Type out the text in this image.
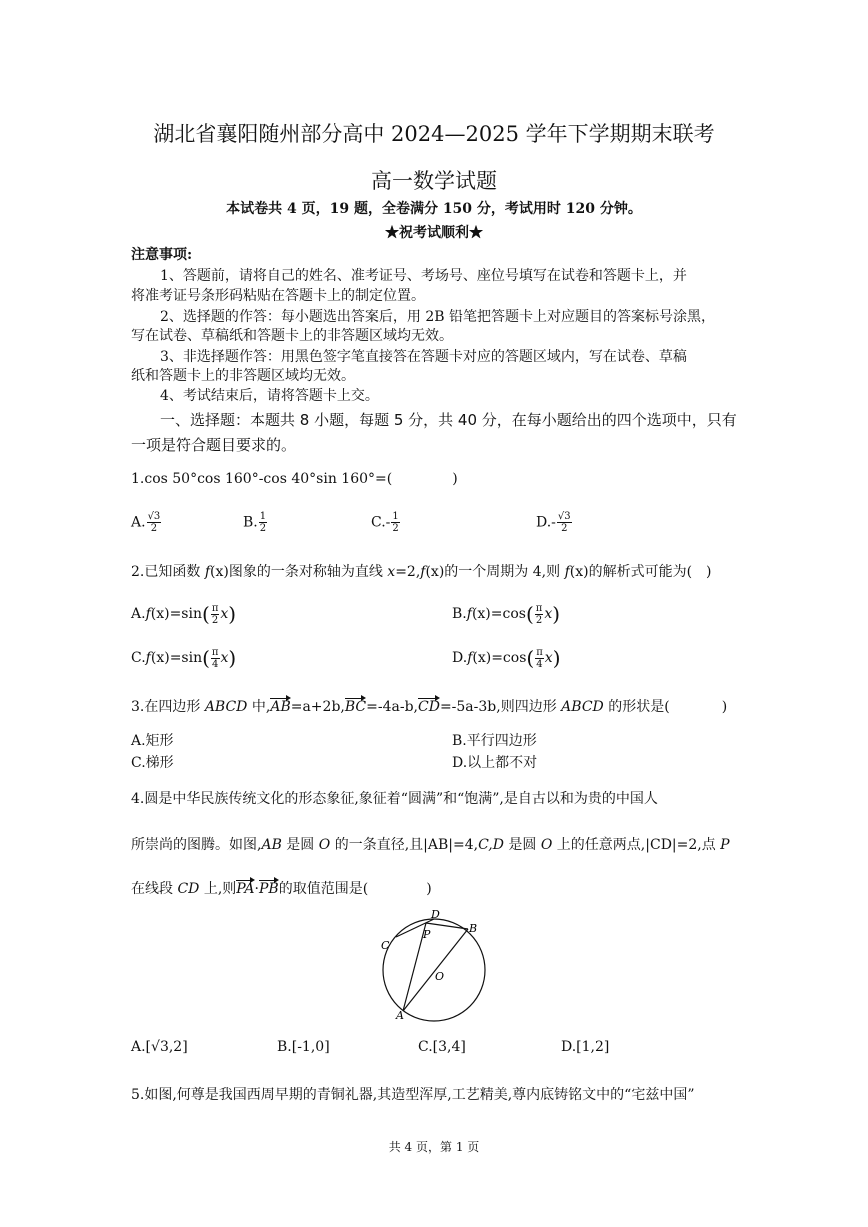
湖北省襄阳随州部分高中 2024—2025 学年下学期期末联考
高一数学试题
本试卷共 4 页，19 题，全卷满分 150 分，考试用时 120 分钟。
★祝考试顺利★
注意事项:
1、答题前，请将自己的姓名、准考证号、考场号、座位号填写在试卷和答题卡上，并
将准考证号条形码粘贴在答题卡上的制定位置。
2、选择题的作答：每小题选出答案后，用 2B 铅笔把答题卡上对应题目的答案标号涂黑，
写在试卷、草稿纸和答题卡上的非答题区域均无效。
3、非选择题作答：用黑色签字笔直接答在答题卡对应的答题区域内，写在试卷、草稿
纸和答题卡上的非答题区域均无效。
4、考试结束后，请将答题卡上交。
一、选择题：本题共 8 小题，每题 5 分，共 40 分，在每小题给出的四个选项中，只有
一项是符合题目要求的。
1.cos 50°cos 160°-cos 40°sin 160°=(	)
A. $\frac{√3}{2}$	B. $\frac{1}{2}$	$C.- \frac{1}{2}$	$D.- \frac{√3}{2}$
2.已知函数 f(x)图象的一条对称轴为直线 x=2,f(x)的一个周期为 4,则 f(x)的解析式可能为( )
$A.f(x)=\sin( \frac{\pi}{2} x)$	$B.f(x)=\cos( \frac{\pi}{2} x)$
$C.f(x)=\sin( \frac{\pi}{4} x)$	$D.f(x)=\cos( \frac{\pi}{4} x)$
3.在四边形 ABCD 中,AB=a+2b,BC=-4a-b,CD=-5a-3b,则四边形 ABCD 的形状是(	)
A.矩形	B.平行四边形
C.梯形	D.以上都不对
4.圆是中华民族传统文化的形态象征,象征着“圆满”和“饱满”,是自古以和为贵的中国人
所崇尚的图腾。如图,AB 是圆 O 的一条直径,且|AB|=4,C,D 是圆 O 上的任意两点,|CD|=2,点 P
在线段 CD 上,则PA·PB的取值范围是(	)
D
B
C
P
O
A
A.[√3,2]	B.[-1,0]	C.[3,4]	D.[1,2]
5.如图,何尊是我国西周早期的青铜礼器,其造型浑厚,工艺精美,尊内底铸铭文中的“宅兹中国”
共 4 页，第 1 页
